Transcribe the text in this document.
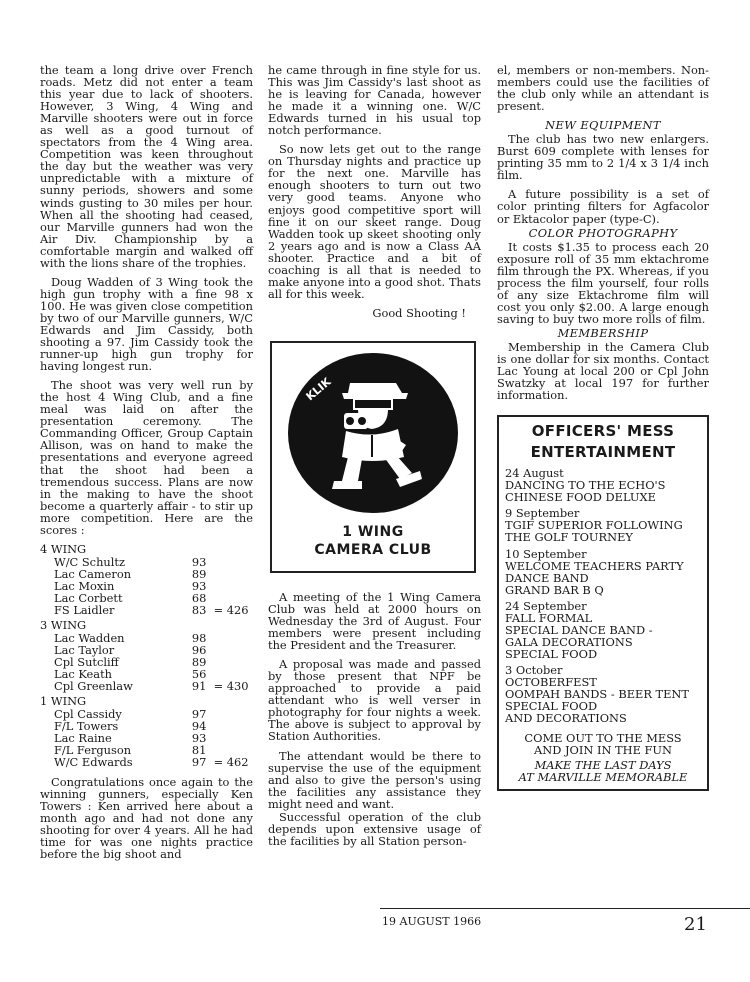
the team a long drive over French roads. Metz did not enter a team this year due to lack of shooters. However, 3 Wing, 4 Wing and Marville shooters were out in force as well as a good turnout of spectators from the 4 Wing area. Competition was keen throughout the day but the weather was very unpredictable with a mixture of sunny periods, showers and some winds gusting to 30 miles per hour. When all the shooting had ceased, our Marville gunners had won the Air Div. Championship by a comfortable margin and walked off with the lions share of the trophies.

Doug Wadden of 3 Wing took the high gun trophy with a fine 98 x 100. He was given close competition by two of our Marville gunners, W/C Edwards and Jim Cassidy, both shooting a 97. Jim Cassidy took the runner-up high gun trophy for having longest run.

The shoot was very well run by the host 4 Wing Club, and a fine meal was laid on after the presentation ceremony. The Commanding Officer, Group Captain Allison, was on hand to make the presentations and everyone agreed that the shoot had been a tremendous success. Plans are now in the making to have the shoot become a quarterly affair - to stir up more competition. Here are the scores :

4 WING
W/C Schultz	93
Lac Cameron	89
Lac Moxin	93
Lac Corbett	68
FS Laidler	83 = 426
3 WING
Lac Wadden	98
Lac Taylor	96
Cpl Sutcliff	89
Lac Keath	56
Cpl Greenlaw	91 = 430
1 WING
Cpl Cassidy	97
F/L Towers	94
Lac Raine	93
F/L Ferguson	81
W/C Edwards	97 = 462

Congratulations once again to the winning gunners, especially Ken Towers : Ken arrived here about a month ago and had not done any shooting for over 4 years. All he had time for was one nights practice before the big shoot and

he came through in fine style for us. This was Jim Cassidy's last shoot as he is leaving for Canada, however he made it a winning one. W/C Edwards turned in his usual top notch performance.

So now lets get out to the range on Thursday nights and practice up for the next one. Marville has enough shooters to turn out two very good teams. Anyone who enjoys good competitive sport will fine it on our skeet range. Doug Wadden took up skeet shooting only 2 years ago and is now a Class AA shooter. Practice and a bit of coaching is all that is needed to make anyone into a good shot. Thats all for this week.

Good Shooting !
KLIK
1 WING
CAMERA CLUB

A meeting of the 1 Wing Camera Club was held at 2000 hours on Wednesday the 3rd of August. Four members were present including the President and the Treasurer.

A proposal was made and passed by those present that NPF be approached to provide a paid attendant who is well verser in photography for four nights a week. The above is subject to approval by Station Authorities.

The attendant would be there to supervise the use of the equipment and also to give the person's using the facilities any assistance they might need and want.

Successful operation of the club depends upon extensive usage of the facilities by all Station person-

el, members or non-members. Non-members could use the facilities of the club only while an attendant is present.

NEW EQUIPMENT

The club has two new enlargers. Burst 609 complete with lenses for printing 35 mm to 2 1/4 x 3 1/4 inch film.

A future possibility is a set of color printing filters for Agfacolor or Ektacolor paper (type-C).

COLOR PHOTOGRAPHY

It costs $1.35 to process each 20 exposure roll of 35 mm ektachrome film through the PX. Whereas, if you process the film yourself, four rolls of any size Ektachrome film will cost you only $2.00. A large enough saving to buy two more rolls of film.

MEMBERSHIP

Membership in the Camera Club is one dollar for six months. Contact Lac Young at local 200 or Cpl John Swatzky at local 197 for further information.

OFFICERS' MESS
ENTERTAINMENT
24 August
DANCING TO THE ECHO'S
CHINESE FOOD DELUXE
9 September
TGIF SUPERIOR FOLLOWING
THE GOLF TOURNEY
10 September
WELCOME TEACHERS PARTY
DANCE BAND
GRAND BAR B Q
24 September
FALL FORMAL
SPECIAL DANCE BAND -
GALA DECORATIONS
SPECIAL FOOD
3 October
OCTOBERFEST
OOMPAH BANDS - BEER TENT
SPECIAL FOOD
AND DECORATIONS
COME OUT TO THE MESS
AND JOIN IN THE FUN
MAKE THE LAST DAYS
AT MARVILLE MEMORABLE
19 AUGUST 1966	21
